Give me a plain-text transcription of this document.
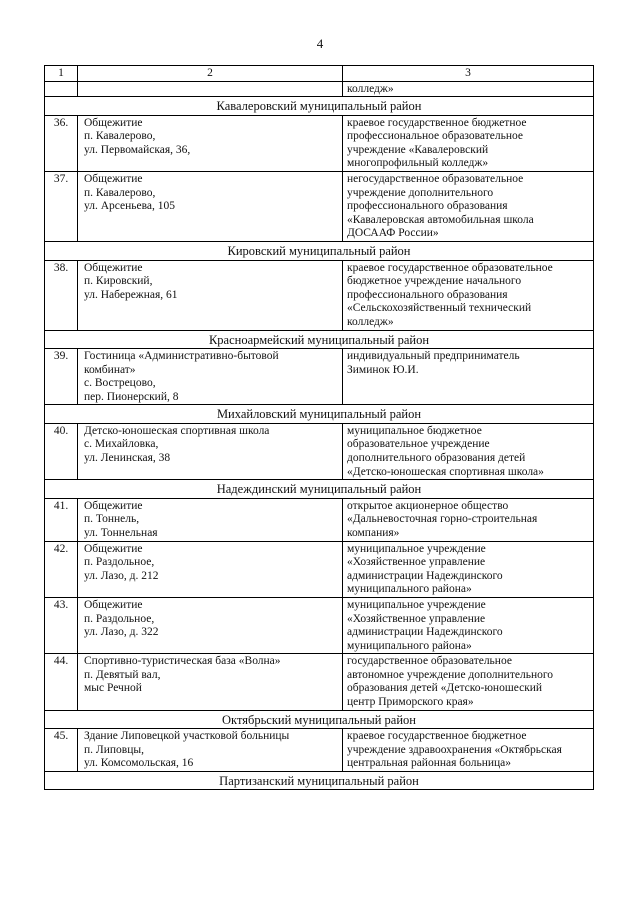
4
1	2	3

		колледж»

Кавалеровский муниципальный район		
36.	Общежитие
п. Кавалерово,
ул. Первомайская, 36,	краевое государственное бюджетное
профессиональное образовательное
учреждение «Кавалеровский
многопрофильный колледж»

37.	Общежитие
п. Кавалерово,
ул. Арсеньева, 105	негосударственное образовательное
учреждение дополнительного
профессионального образования
«Кавалеровская автомобильная школа
ДОСААФ России»

Кировский муниципальный район		
38.	Общежитие
п. Кировский,
ул. Набережная, 61	краевое государственное образовательное
бюджетное учреждение начального
профессионального образования
«Сельскохозяйственный технический
колледж»

Красноармейский муниципальный район		
39.	Гостиница «Административно-бытовой
комбинат»
с. Вострецово,
пер. Пионерский, 8	индивидуальный предприниматель
Зиминок Ю.И.

Михайловский муниципальный район		
40.	Детско-юношеская спортивная школа
с. Михайловка,
ул. Ленинская, 38	муниципальное бюджетное
образовательное учреждение
дополнительного образования детей
«Детско-юношеская спортивная школа»

Надеждинский муниципальный район		
41.	Общежитие
п. Тоннель,
ул. Тоннельная	открытое акционерное общество
«Дальневосточная горно-строительная
компания»

42.	Общежитие
п. Раздольное,
ул. Лазо, д. 212	муниципальное учреждение
«Хозяйственное управление
администрации Надеждинского
муниципального района»

43.	Общежитие
п. Раздольное,
ул. Лазо, д. 322	муниципальное учреждение
«Хозяйственное управление
администрации Надеждинского
муниципального района»

44.	Спортивно-туристическая база «Волна»
п. Девятый вал,
мыс Речной	государственное образовательное
автономное учреждение дополнительного
образования детей «Детско-юношеский
центр Приморского края»

Октябрьский муниципальный район		
45.	Здание Липовецкой участковой больницы
п. Липовцы,
ул. Комсомольская, 16	краевое государственное бюджетное
учреждение здравоохранения «Октябрьская
центральная районная больница»

Партизанский муниципальный район		
